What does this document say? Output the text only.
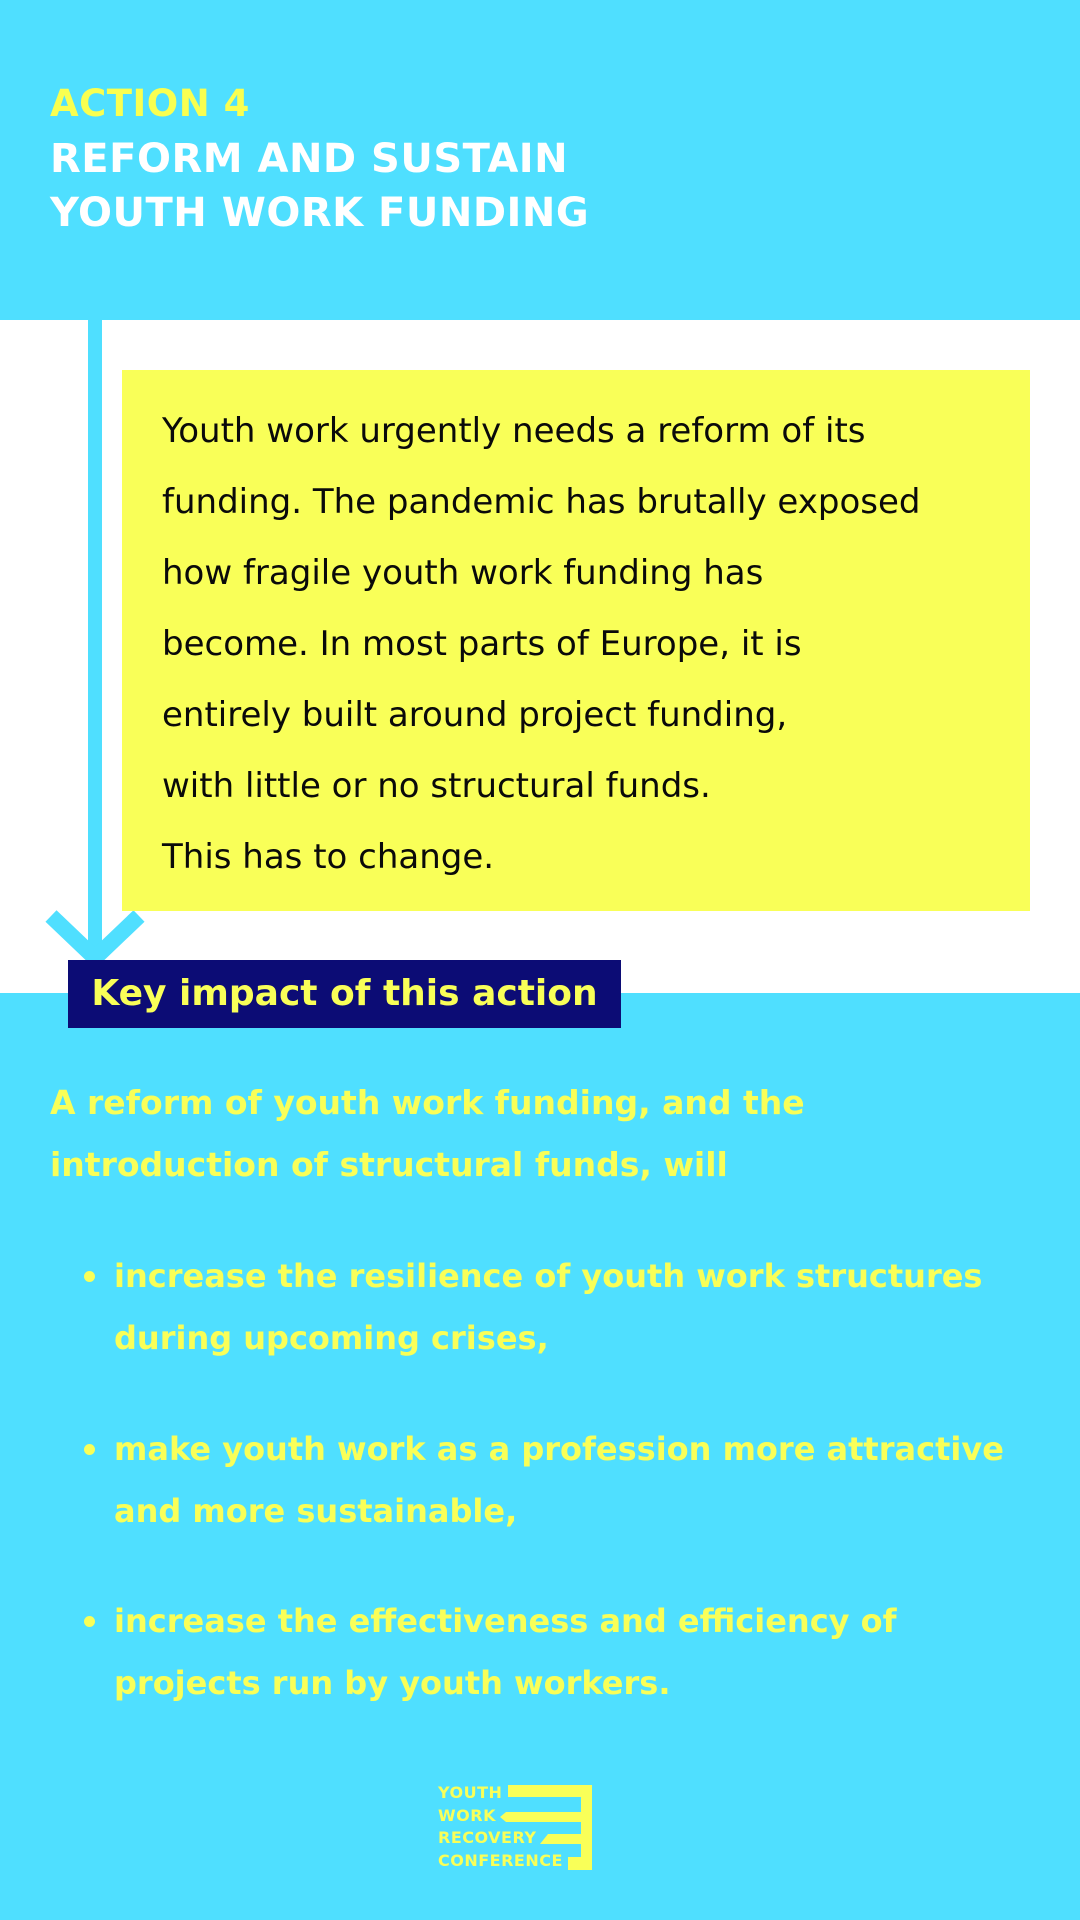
ACTION 4
REFORM AND SUSTAIN
YOUTH WORK FUNDING
Youth work urgently needs a reform of its
funding. The pandemic has brutally exposed
how fragile youth work funding has
become. In most parts of Europe, it is
entirely built around project funding,
with little or no structural funds.
This has to change.
Key impact of this action
A reform of youth work funding, and the
introduction of structural funds, will
increase the resilience of youth work structures
during upcoming crises,
make youth work as a profession more attractive
and more sustainable,
increase the effectiveness and efficiency of
projects run by youth workers.
YOUTH
WORK
RECOVERY
CONFERENCE
